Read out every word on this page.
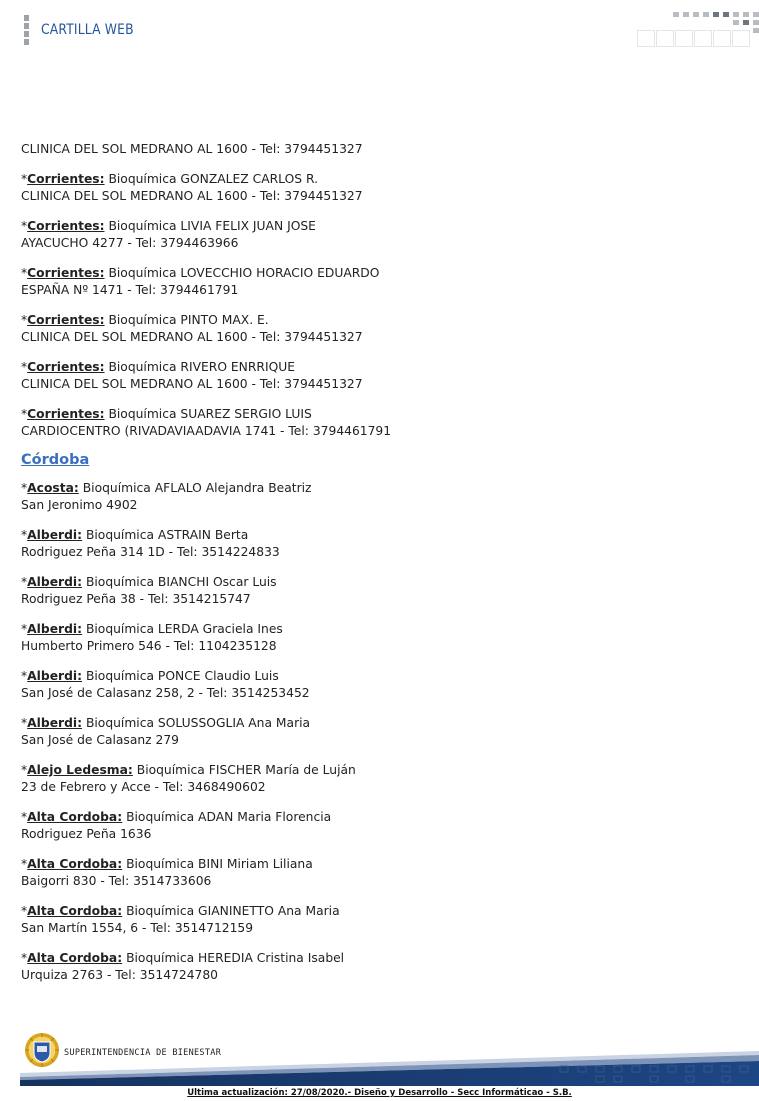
CARTILLA WEB
CLINICA DEL SOL MEDRANO AL 1600 - Tel: 3794451327
*Corrientes: Bioquímica GONZALEZ CARLOS R.
CLINICA DEL SOL MEDRANO AL 1600 - Tel: 3794451327
*Corrientes: Bioquímica LIVIA FELIX JUAN JOSE
AYACUCHO 4277 - Tel: 3794463966
*Corrientes: Bioquímica LOVECCHIO HORACIO EDUARDO
ESPAÑA Nº 1471 - Tel: 3794461791
*Corrientes: Bioquímica PINTO MAX. E.
CLINICA DEL SOL MEDRANO AL 1600 - Tel: 3794451327
*Corrientes: Bioquímica RIVERO ENRRIQUE
CLINICA DEL SOL MEDRANO AL 1600 - Tel: 3794451327
*Corrientes: Bioquímica SUAREZ SERGIO LUIS
CARDIOCENTRO (RIVADAVIAADAVIA 1741 - Tel: 3794461791
Córdoba
*Acosta: Bioquímica AFLALO Alejandra Beatriz
San Jeronimo 4902
*Alberdi: Bioquímica ASTRAIN Berta
Rodriguez Peña 314 1D - Tel: 3514224833
*Alberdi: Bioquímica BIANCHI Oscar Luis
Rodriguez Peña 38 - Tel: 3514215747
*Alberdi: Bioquímica LERDA Graciela Ines
Humberto Primero 546 - Tel: 1104235128
*Alberdi: Bioquímica PONCE Claudio Luis
San José de Calasanz 258, 2 - Tel: 3514253452
*Alberdi: Bioquímica SOLUSSOGLIA Ana Maria
San José de Calasanz 279
*Alejo Ledesma: Bioquímica FISCHER María de Luján
23 de Febrero y Acce - Tel: 3468490602
*Alta Cordoba: Bioquímica ADAN Maria Florencia
Rodriguez Peña 1636
*Alta Cordoba: Bioquímica BINI Miriam Liliana
Baigorri 830 - Tel: 3514733606
*Alta Cordoba: Bioquímica GIANINETTO Ana Maria
San Martín 1554, 6 - Tel: 3514712159
*Alta Cordoba: Bioquímica HEREDIA Cristina Isabel
Urquiza 2763 - Tel: 3514724780
SUPERINTENDENCIA DE BIENESTAR
Ultima actualización: 27/08/2020.- Diseño y Desarrollo - Secc Informáticao - S.B.
